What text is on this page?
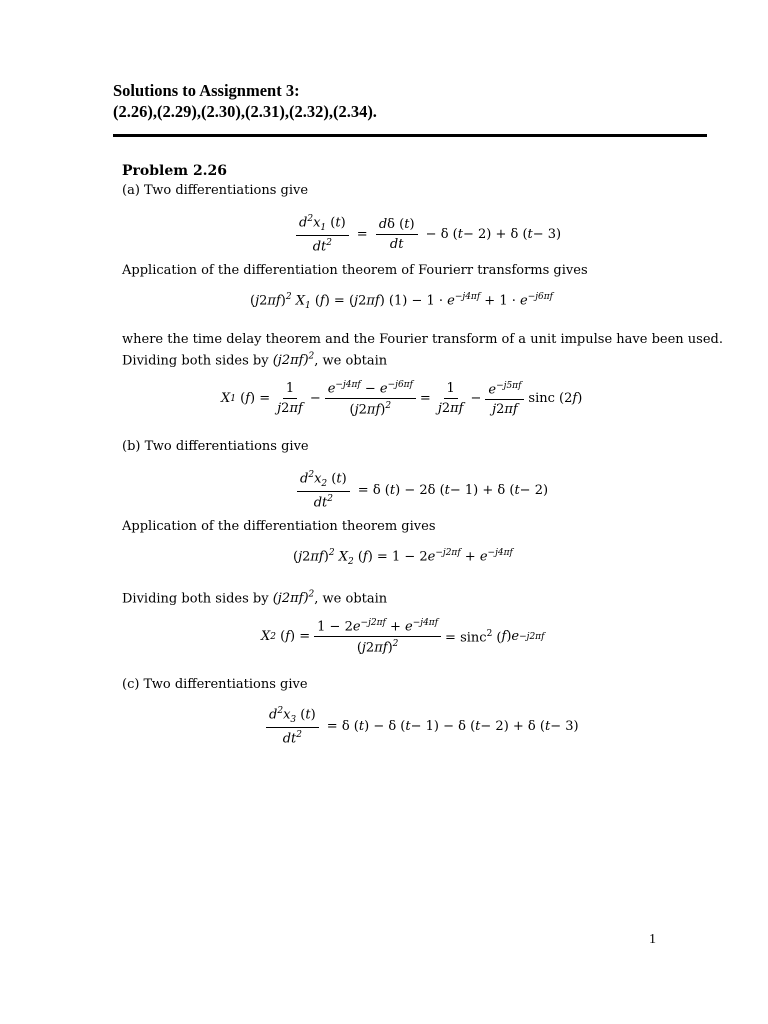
Solutions to Assignment 3:
(2.26),(2.29),(2.30),(2.31),(2.32),(2.34).
Problem 2.26
(a) Two differentiations give
$\frac{d^2x_1 (t)}{dt^2} = \frac{d\delta (t)}{dt} - \delta$ ( t − 2) + δ ( t − 3)
Application of the differentiation theorem of Fourierr transforms gives
$(j2\pi f)^2$ $X_1$ (f) = (j2πf) $(1) - 1 \cdot e^{-j4\pi f} + 1 \cdot e^{-j6\pi f}$
where the time delay theorem and the Fourier transform of a unit impulse have been used.
Dividing both sides by $(j2\pi f)^2$, we obtain
X 1 ( f ) = $\frac{1}{j2\pi f} - \frac{e^{-j4\pi f} - e^{-j6\pi f}}{(j2\pi f)^2} = \frac{1}{j2\pi f} - \frac{e^{-j5\pi f}}{j2\pi f}$ sinc (2 f )
(b) Two differentiations give
$\frac{d^2x_2 (t)}{dt^2} = \delta$ ( t ) − 2δ ( t − 1) + δ ( t − 2)
Application of the differentiation theorem gives
$(j2\pi f)^2$ $X_2$ $(f) = 1 - 2e^{-j2\pi f} + e^{-j4\pi f}$
Dividing both sides by $(j2\pi f)^2$, we obtain
X 2 ( f ) = $\frac{1 - 2e^{-j2\pi f} + e^{-j4\pi f}}{(j2\pi f)^2} = \sin c^2$ ( f ) e −j2πf
(c) Two differentiations give
$\frac{d^2x_3 (t)}{dt^2} = \delta$ ( t ) − δ ( t − 1) − δ ( t − 2) + δ ( t − 3)
1
